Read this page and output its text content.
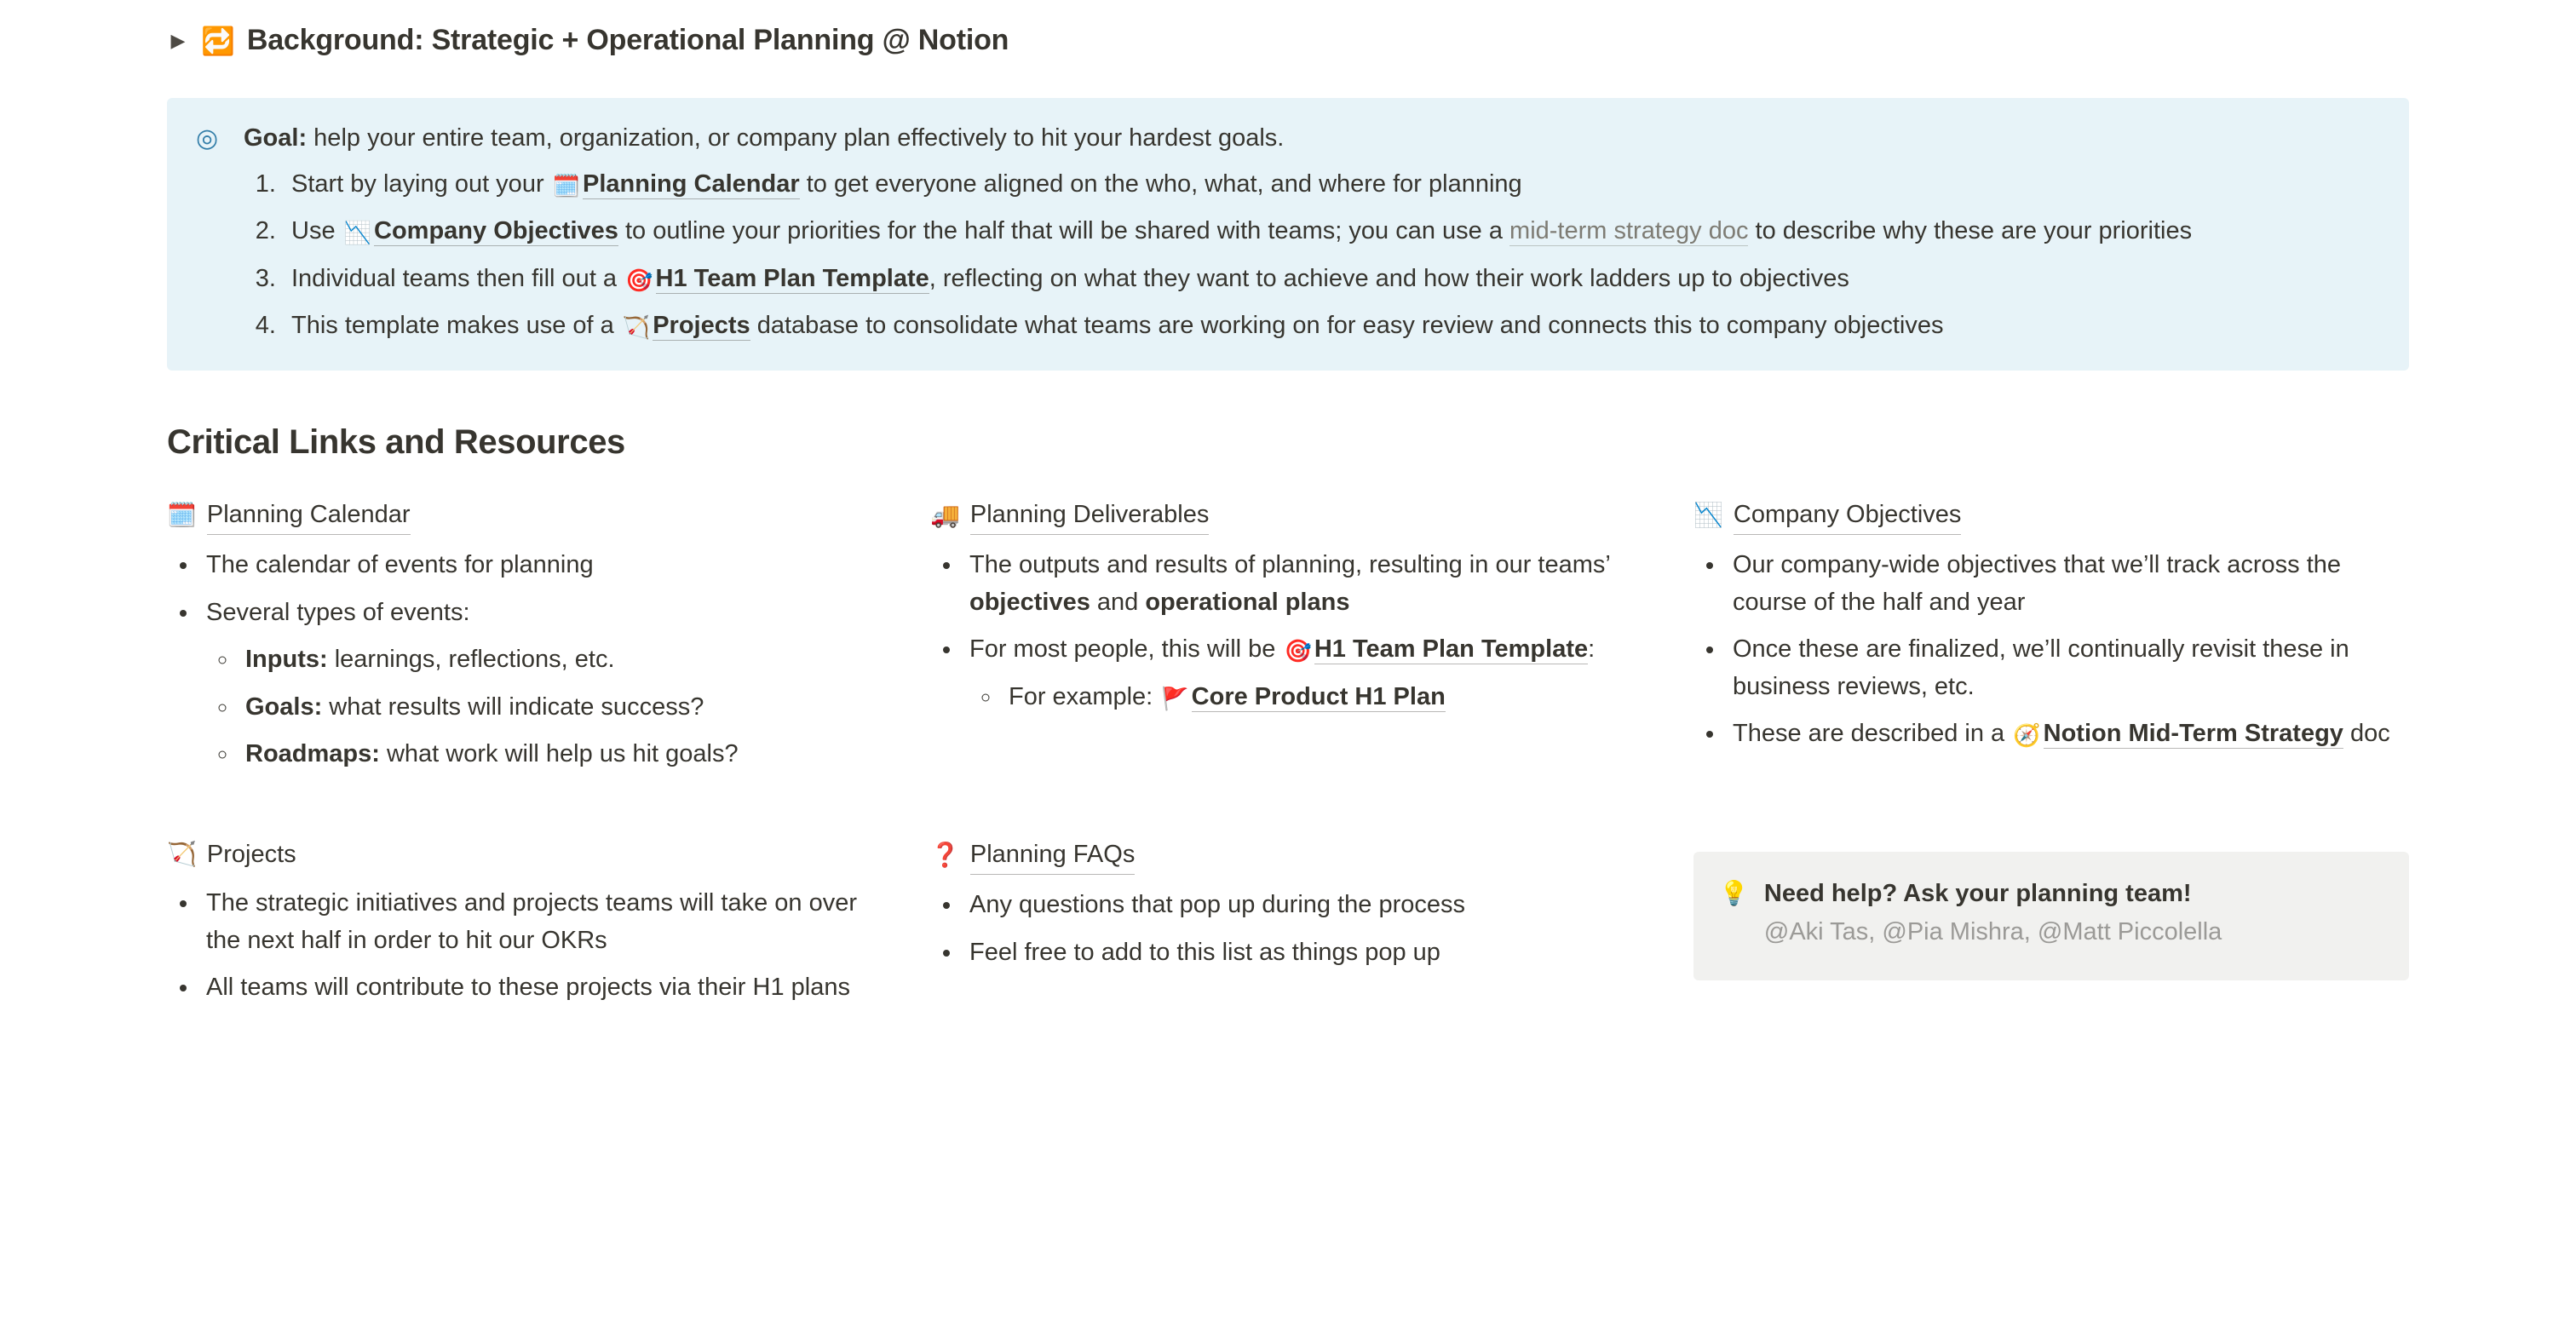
▶ 🔁 Background: Strategic + Operational Planning @ Notion
◎ Goal: help your entire team, organization, or company plan effectively to hit your hardest goals.

1. Start by laying out your 🗓️ Planning Calendar to get everyone aligned on the who, what, and where for planning
2. Use 📉 Company Objectives to outline your priorities for the half that will be shared with teams; you can use a mid-term strategy doc to describe why these are your priorities
3. Individual teams then fill out a 🎯 H1 Team Plan Template, reflecting on what they want to achieve and how their work ladders up to objectives
4. This template makes use of a 🏹 Projects database to consolidate what teams are working on for easy review and connects this to company objectives
Critical Links and Resources
🗓️ Planning Calendar
• The calendar of events for planning
• Several types of events:
◦ Inputs: learnings, reflections, etc.
◦ Goals: what results will indicate success?
◦ Roadmaps: what work will help us hit goals?
🚚 Planning Deliverables
• The outputs and results of planning, resulting in our teams’ objectives and operational plans
• For most people, this will be 🎯 H1 Team Plan Template:
◦ For example: 🚩 Core Product H1 Plan
📉 Company Objectives
• Our company-wide objectives that we’ll track across the course of the half and year
• Once these are finalized, we’ll continually revisit these in business reviews, etc.
• These are described in a 🧭 Notion Mid-Term Strategy doc
🏹 Projects
• The strategic initiatives and projects teams will take on over the next half in order to hit our OKRs
• All teams will contribute to these projects via their H1 plans
❓ Planning FAQs
• Any questions that pop up during the process
• Feel free to add to this list as things pop up
💡 Need help? Ask your planning team!
@Aki Tas, @Pia Mishra, @Matt Piccolella
